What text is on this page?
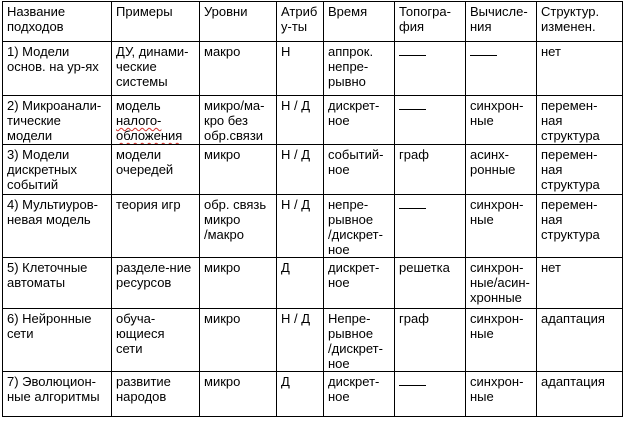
Название
подходов	Примеры	Уровни	Атриб
у-ты	Время	Топогра-
фия	Вычисле-
ния	Структур.
изменен.

1) Модели
основ. на ур-ях	ДУ, динами-
ческие
системы	макро	Н	аппрок.
непре-
рывно			нет

2) Микроанали-
тические
модели	модель
налого-
обложения	микро/ма-
кро без
обр.связи	Н / Д	дискрет-
ное		синхрон-
ные	перемен-
ная
структура

3) Модели
дискретных
событий	модели
очередей	микро	Н / Д	событий-
ное	граф	асинх-
ронные	перемен-
ная
структура

4) Мультиуров-
невая модель	теория игр	обр. связь
микро
/макро	Н / Д	непре-
рывное
/дискрет-
ное		синхрон-
ные	перемен-
ная
структура

5) Клеточные
автоматы	разделе-ние
ресурсов	микро	Д	дискрет-
ное	решетка	синхрон-
ные/асин-
хронные	нет

6) Нейронные
сети	обуча-
ющиеся
сети	микро	Н / Д	Непре-
рывное
/дискрет-
ное	граф	синхрон-
ные	адаптация

7) Эволюцион-
ные алгоритмы	развитие
народов	микро	Д	дискрет-
ное		синхрон-
ные	адаптация
